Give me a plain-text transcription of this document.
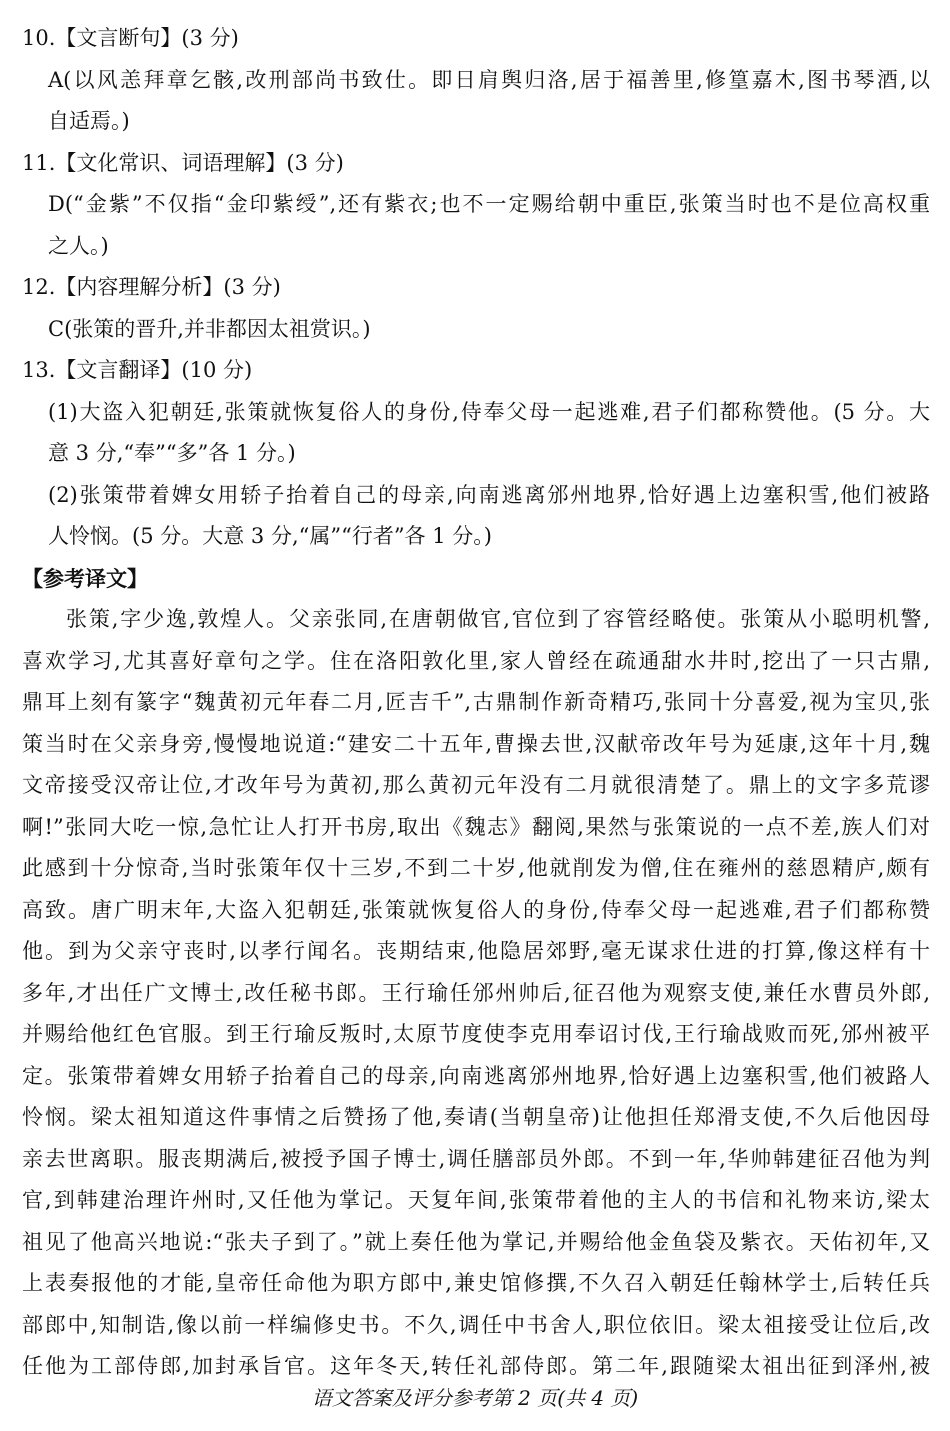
10.【文言断句】(3 分)
A(以风恙拜章乞骸,改刑部尚书致仕。即日肩舆归洛,居于福善里,修篁嘉木,图书琴酒,以
自适焉。)
11.【文化常识、词语理解】(3 分)
D(“金紫”不仅指“金印紫绶”,还有紫衣;也不一定赐给朝中重臣,张策当时也不是位高权重
之人。)
12.【内容理解分析】(3 分)
C(张策的晋升,并非都因太祖赏识。)
13.【文言翻译】(10 分)
(1)大盗入犯朝廷,张策就恢复俗人的身份,侍奉父母一起逃难,君子们都称赞他。(5 分。大
意 3 分,“奉”“多”各 1 分。)
(2)张策带着婢女用轿子抬着自己的母亲,向南逃离邠州地界,恰好遇上边塞积雪,他们被路
人怜悯。(5 分。大意 3 分,“属”“行者”各 1 分。)
【参考译文】
张策,字少逸,敦煌人。父亲张同,在唐朝做官,官位到了容管经略使。张策从小聪明机警,
喜欢学习,尤其喜好章句之学。住在洛阳敦化里,家人曾经在疏通甜水井时,挖出了一只古鼎,
鼎耳上刻有篆字“魏黄初元年春二月,匠吉千”,古鼎制作新奇精巧,张同十分喜爱,视为宝贝,张
策当时在父亲身旁,慢慢地说道:“建安二十五年,曹操去世,汉献帝改年号为延康,这年十月,魏
文帝接受汉帝让位,才改年号为黄初,那么黄初元年没有二月就很清楚了。鼎上的文字多荒谬
啊!”张同大吃一惊,急忙让人打开书房,取出《魏志》翻阅,果然与张策说的一点不差,族人们对
此感到十分惊奇,当时张策年仅十三岁,不到二十岁,他就削发为僧,住在雍州的慈恩精庐,颇有
高致。唐广明末年,大盗入犯朝廷,张策就恢复俗人的身份,侍奉父母一起逃难,君子们都称赞
他。到为父亲守丧时,以孝行闻名。丧期结束,他隐居郊野,毫无谋求仕进的打算,像这样有十
多年,才出任广文博士,改任秘书郎。王行瑜任邠州帅后,征召他为观察支使,兼任水曹员外郎,
并赐给他红色官服。到王行瑜反叛时,太原节度使李克用奉诏讨伐,王行瑜战败而死,邠州被平
定。张策带着婢女用轿子抬着自己的母亲,向南逃离邠州地界,恰好遇上边塞积雪,他们被路人
怜悯。梁太祖知道这件事情之后赞扬了他,奏请(当朝皇帝)让他担任郑滑支使,不久后他因母
亲去世离职。服丧期满后,被授予国子博士,调任膳部员外郎。不到一年,华帅韩建征召他为判
官,到韩建治理许州时,又任他为掌记。天复年间,张策带着他的主人的书信和礼物来访,梁太
祖见了他高兴地说:“张夫子到了。”就上奏任他为掌记,并赐给他金鱼袋及紫衣。天佑初年,又
上表奏报他的才能,皇帝任命他为职方郎中,兼史馆修撰,不久召入朝廷任翰林学士,后转任兵
部郎中,知制诰,像以前一样编修史书。不久,调任中书舍人,职位依旧。梁太祖接受让位后,改
任他为工部侍郎,加封承旨官。这年冬天,转任礼部侍郎。第二年,跟随梁太祖出征到泽州,被
语文答案及评分参考第 2 页(共 4 页)
